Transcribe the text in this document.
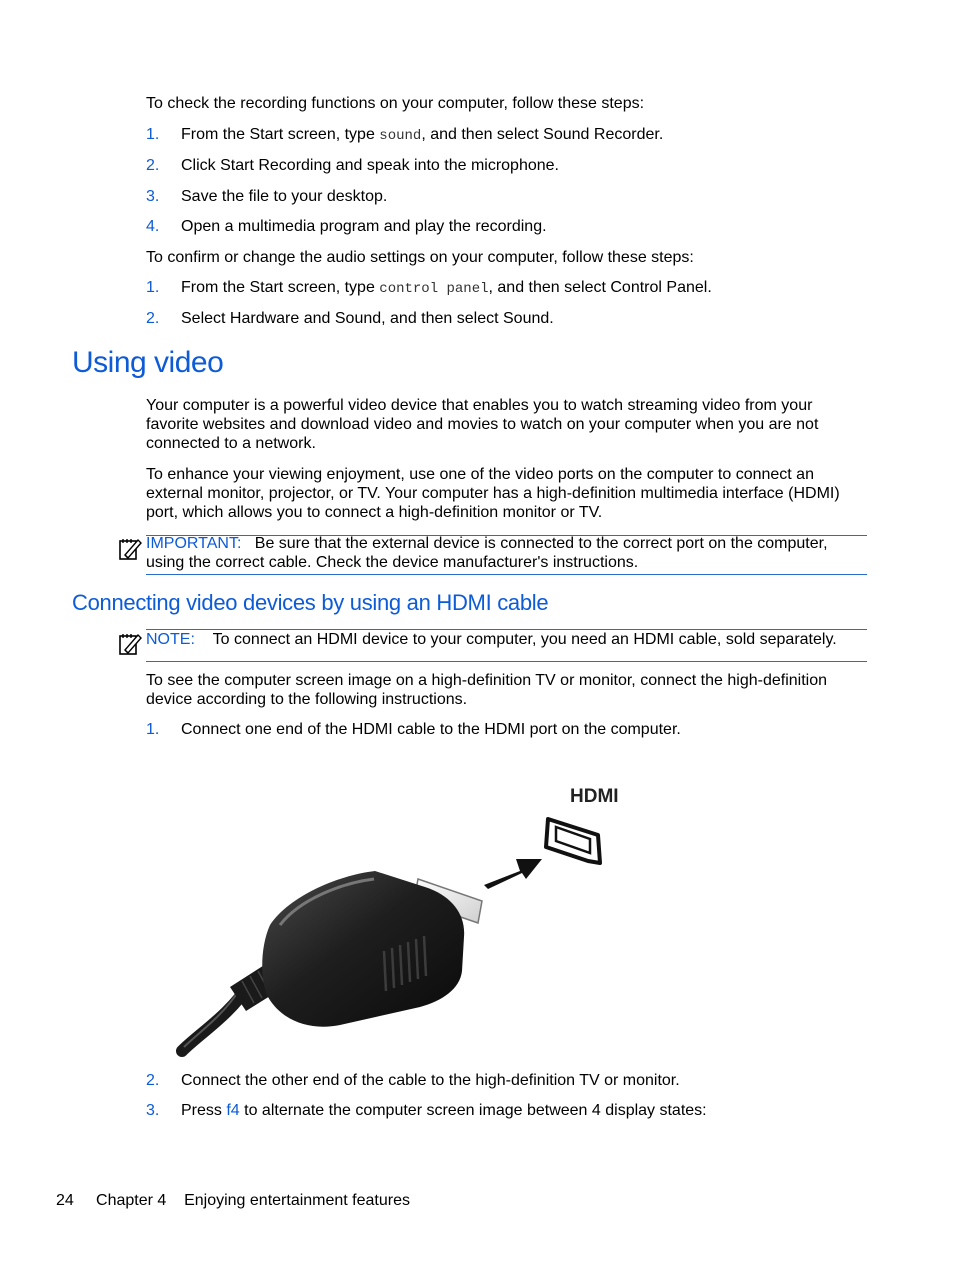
To check the recording functions on your computer, follow these steps:

1. From the Start screen, type sound, and then select Sound Recorder.
2. Click Start Recording and speak into the microphone.
3. Save the file to your desktop.
4. Open a multimedia program and play the recording.

To confirm or change the audio settings on your computer, follow these steps:

1. From the Start screen, type control panel, and then select Control Panel.
2. Select Hardware and Sound, and then select Sound.
Using video

Your computer is a powerful video device that enables you to watch streaming video from your favorite websites and download video and movies to watch on your computer when you are not connected to a network.

To enhance your viewing enjoyment, use one of the video ports on the computer to connect an external monitor, projector, or TV. Your computer has a high-definition multimedia interface (HDMI) port, which allows you to connect a high-definition monitor or TV.

IMPORTANT: Be sure that the external device is connected to the correct port on the computer, using the correct cable. Check the device manufacturer's instructions.
Connecting video devices by using an HDMI cable
NOTE: To connect an HDMI device to your computer, you need an HDMI cable, sold separately.

To see the computer screen image on a high-definition TV or monitor, connect the high-definition device according to the following instructions.

1. Connect one end of the HDMI cable to the HDMI port on the computer.
HDMI
2. Connect the other end of the cable to the high-definition TV or monitor.
3. Press f4 to alternate the computer screen image between 4 display states:
24 Chapter 4 Enjoying entertainment features
